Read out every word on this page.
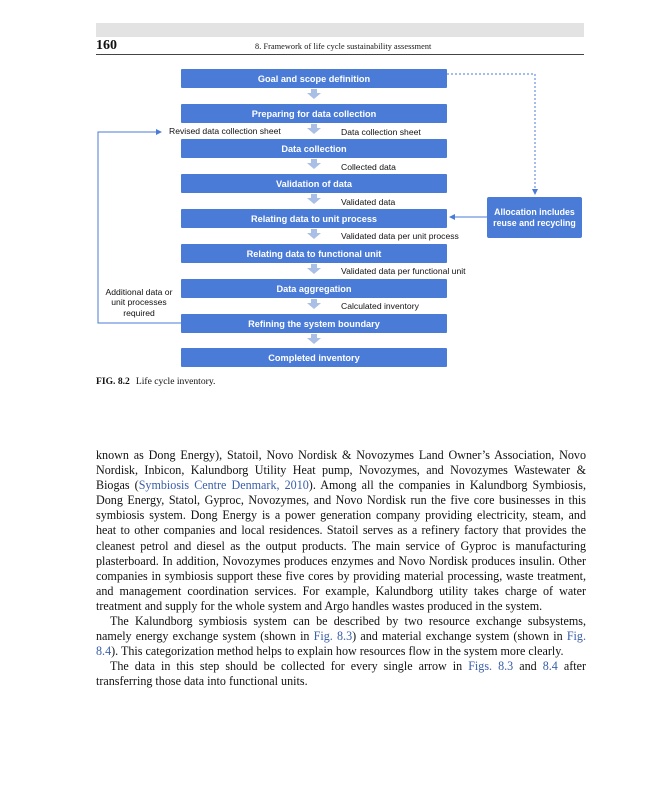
160	8. Framework of life cycle sustainability assessment
Goal and scope definition
Preparing for data collection
Data collection
Validation of data
Relating data to unit process
Relating data to functional unit
Data aggregation
Refining the system boundary
Completed inventory
Allocation includes reuse and recycling
Revised data collection sheet	Data collection sheet
Collected data
Validated data
Validated data per unit process
Validated data per functional unit
Calculated inventory
Additional data or unit processes required
FIG. 8.2 Life cycle inventory.

known as Dong Energy), Statoil, Novo Nordisk & Novozymes Land Owner’s Association, Novo Nordisk, Inbicon, Kalundborg Utility Heat pump, Novozymes, and Novozymes Wastewater & Biogas (Symbiosis Centre Denmark, 2010). Among all the companies in Kalundborg Symbiosis, Dong Energy, Statol, Gyproc, Novozymes, and Novo Nordisk run the five core businesses in this symbiosis system. Dong Energy is a power generation company providing electricity, steam, and heat to other companies and local residences. Statoil serves as a refinery factory that provides the cleanest petrol and diesel as the output products. The main service of Gyproc is manufacturing plasterboard. In addition, Novozymes produces enzymes and Novo Nordisk produces insulin. Other companies in symbiosis support these five cores by providing material processing, waste treatment, and management coordination services. For example, Kalundborg utility takes charge of water treatment and supply for the whole system and Argo handles wastes produced in the system.

The Kalundborg symbiosis system can be described by two resource exchange subsystems, namely energy exchange system (shown in Fig. 8.3) and material exchange system (shown in Fig. 8.4). This categorization method helps to explain how resources flow in the system more clearly.

The data in this step should be collected for every single arrow in Figs. 8.3 and 8.4 after transferring those data into functional units.
